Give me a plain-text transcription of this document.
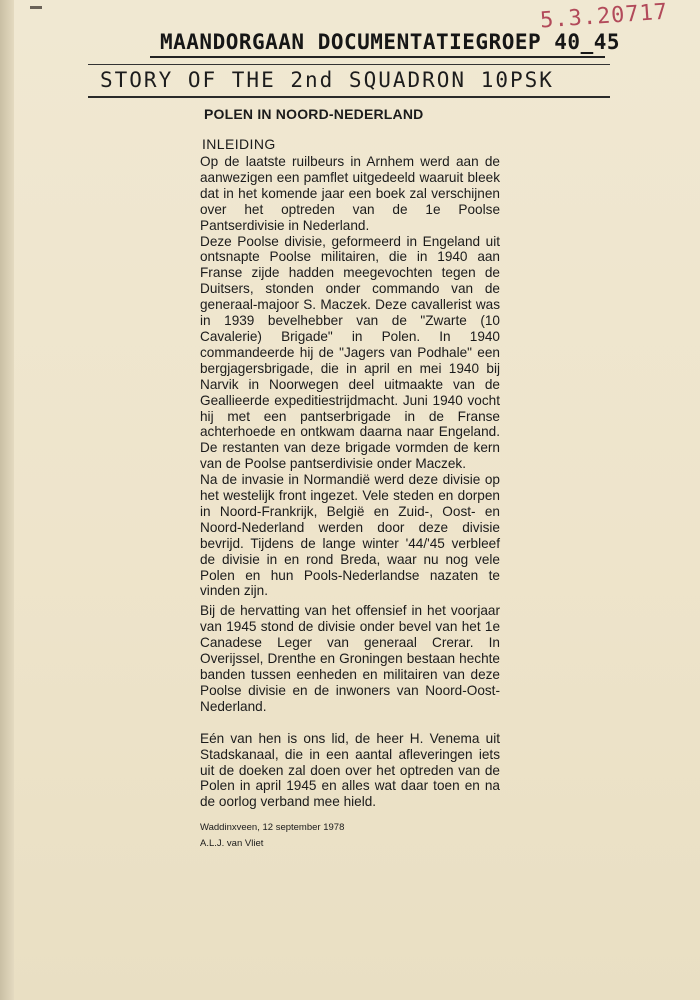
5.3.20717
MAANDORGAAN DOCUMENTATIEGROEP 40_45
STORY OF THE 2nd SQUADRON 10PSK
POLEN IN NOORD-NEDERLAND
INLEIDING

Op de laatste ruilbeurs in Arnhem werd aan de aanwezigen een pamflet uitgedeeld waaruit bleek dat in het komende jaar een boek zal verschijnen over het optreden van de 1e Poolse Pantserdivisie in Nederland.

Deze Poolse divisie, geformeerd in Engeland uit ontsnapte Poolse militairen, die in 1940 aan Franse zijde hadden meegevochten tegen de Duitsers, stonden onder commando van de generaal-majoor S. Maczek. Deze cavallerist was in 1939 bevelhebber van de "Zwarte (10 Cavalerie) Brigade" in Polen. In 1940 commandeerde hij de "Jagers van Podhale" een bergjagersbrigade, die in april en mei 1940 bij Narvik in Noorwegen deel uitmaakte van de Geallieerde expeditiestrijdmacht. Juni 1940 vocht hij met een pantserbrigade in de Franse achterhoede en ontkwam daarna naar Engeland. De restanten van deze brigade vormden de kern van de Poolse pantserdivisie onder Maczek.

Na de invasie in Normandië werd deze divisie op het westelijk front ingezet. Vele steden en dorpen in Noord-Frankrijk, België en Zuid-, Oost- en Noord-Nederland werden door deze divisie bevrijd. Tijdens de lange winter '44/'45 verbleef de divisie in en rond Breda, waar nu nog vele Polen en hun Pools-Nederlandse nazaten te vinden zijn.

Bij de hervatting van het offensief in het voorjaar van 1945 stond de divisie onder bevel van het 1e Canadese Leger van generaal Crerar. In Overijssel, Drenthe en Groningen bestaan hechte banden tussen eenheden en militairen van deze Poolse divisie en de inwoners van Noord-Oost-Nederland.

Eén van hen is ons lid, de heer H. Venema uit Stadskanaal, die in een aantal afleveringen iets uit de doeken zal doen over het optreden van de Polen in april 1945 en alles wat daar toen en na de oorlog verband mee hield.

Waddinxveen, 12 september 1978
A.L.J. van Vliet
